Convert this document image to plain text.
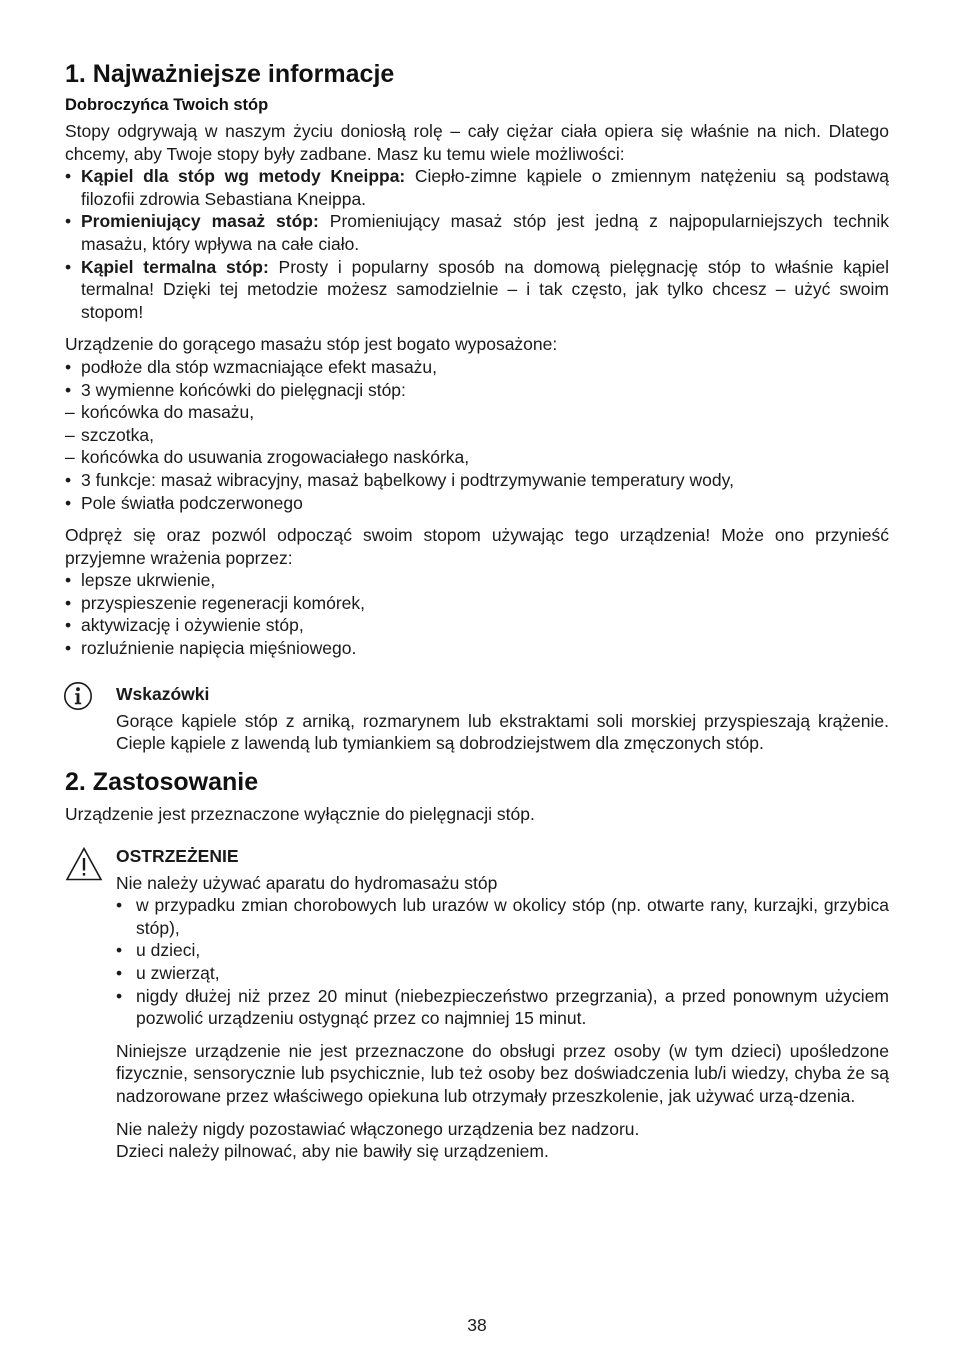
1. Najważniejsze informacje
Dobroczyńca Twoich stóp

Stopy odgrywają w naszym życiu doniosłą rolę – cały ciężar ciała opiera się właśnie na nich. Dlatego chcemy, aby Twoje stopy były zadbane. Masz ku temu wiele możliwości:

• Kąpiel dla stóp wg metody Kneippa: Ciepło-zimne kąpiele o zmiennym natężeniu są podstawą filozofii zdrowia Sebastiana Kneippa.
• Promieniujący masaż stóp: Promieniujący masaż stóp jest jedną z najpopularniejszych technik masażu, który wpływa na całe ciało.
• Kąpiel termalna stóp: Prosty i popularny sposób na domową pielęgnację stóp to właśnie kąpiel termalna! Dzięki tej metodzie możesz samodzielnie – i tak często, jak tylko chcesz – użyć swoim stopom!

Urządzenie do gorącego masażu stóp jest bogato wyposażone:

• podłoże dla stóp wzmacniające efekt masażu,
• 3 wymienne końcówki do pielęgnacji stóp:
– końcówka do masażu,
– szczotka,
– końcówka do usuwania zrogowaciałego naskórka,
• 3 funkcje: masaż wibracyjny, masaż bąbelkowy i podtrzymywanie temperatury wody,
• Pole światła podczerwonego

Odpręż się oraz pozwól odpocząć swoim stopom używając tego urządzenia! Może ono przynieść przyjemne wrażenia poprzez:

• lepsze ukrwienie,
• przyspieszenie regeneracji komórek,
• aktywizację i ożywienie stóp,
• rozluźnienie napięcia mięśniowego.
Wskazówki

Gorące kąpiele stóp z arniką, rozmarynem lub ekstraktami soli morskiej przyspieszają krążenie. Cieple kąpiele z lawendą lub tymiankiem są dobrodziejstwem dla zmęczonych stóp.

2. Zastosowanie

Urządzenie jest przeznaczone wyłącznie do pielęgnacji stóp.

OSTRZEŻENIE

Nie należy używać aparatu do hydromasażu stóp

• w przypadku zmian chorobowych lub urazów w okolicy stóp (np. otwarte rany, kurzajki, grzybica stóp),
• u dzieci,
• u zwierząt,
• nigdy dłużej niż przez 20 minut (niebezpieczeństwo przegrzania), a przed ponownym użyciem pozwolić urządzeniu ostygnąć przez co najmniej 15 minut.

Niniejsze urządzenie nie jest przeznaczone do obsługi przez osoby (w tym dzieci) upośledzone fizycznie, sensorycznie lub psychicznie, lub też osoby bez doświadczenia lub/i wiedzy, chyba że są nadzorowane przez właściwego opiekuna lub otrzymały przeszkolenie, jak używać urzą-dzenia.

Nie należy nigdy pozostawiać włączonego urządzenia bez nadzoru.

Dzieci należy pilnować, aby nie bawiły się urządzeniem.

38
